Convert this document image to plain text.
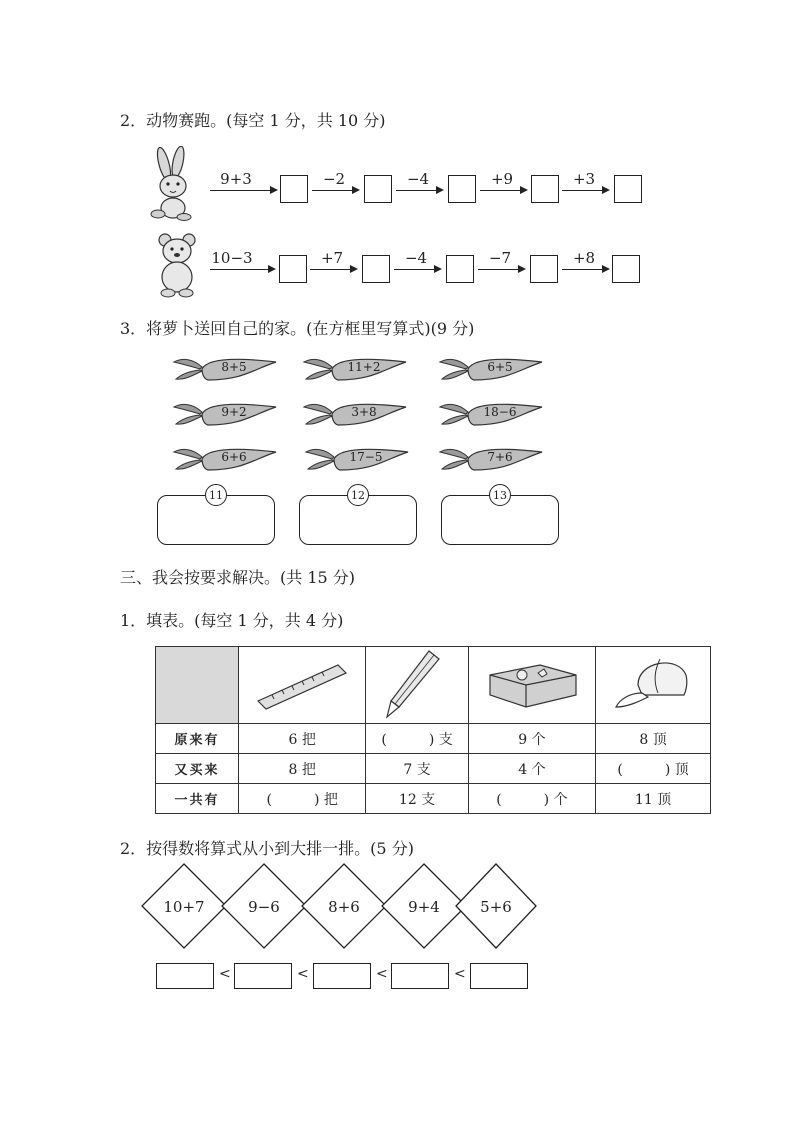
2．动物赛跑。(每空 1 分，共 10 分)
9+3	−2	−4	+9	+3
10−3	+7	−4	−7	+8
3．将萝卜送回自己的家。(在方框里写算式)(9 分)
8+5	11+2	6+5
9+2	3+8	18−6
6+6	17−5	7+6
11	12	13
三、我会按要求解决。(共 15 分)
1．填表。(每空 1 分，共 4 分)

原来有	6 把	(　　　) 支	9 个	8 顶
又买来	8 把	7 支	4 个	(　　　) 顶
一共有	(　　　) 把	12 支	(　　　) 个	11 顶
2．按得数将算式从小到大排一排。(5 分)
10+7	9−6	8+6	9+4	5+6
<	<	<	<
